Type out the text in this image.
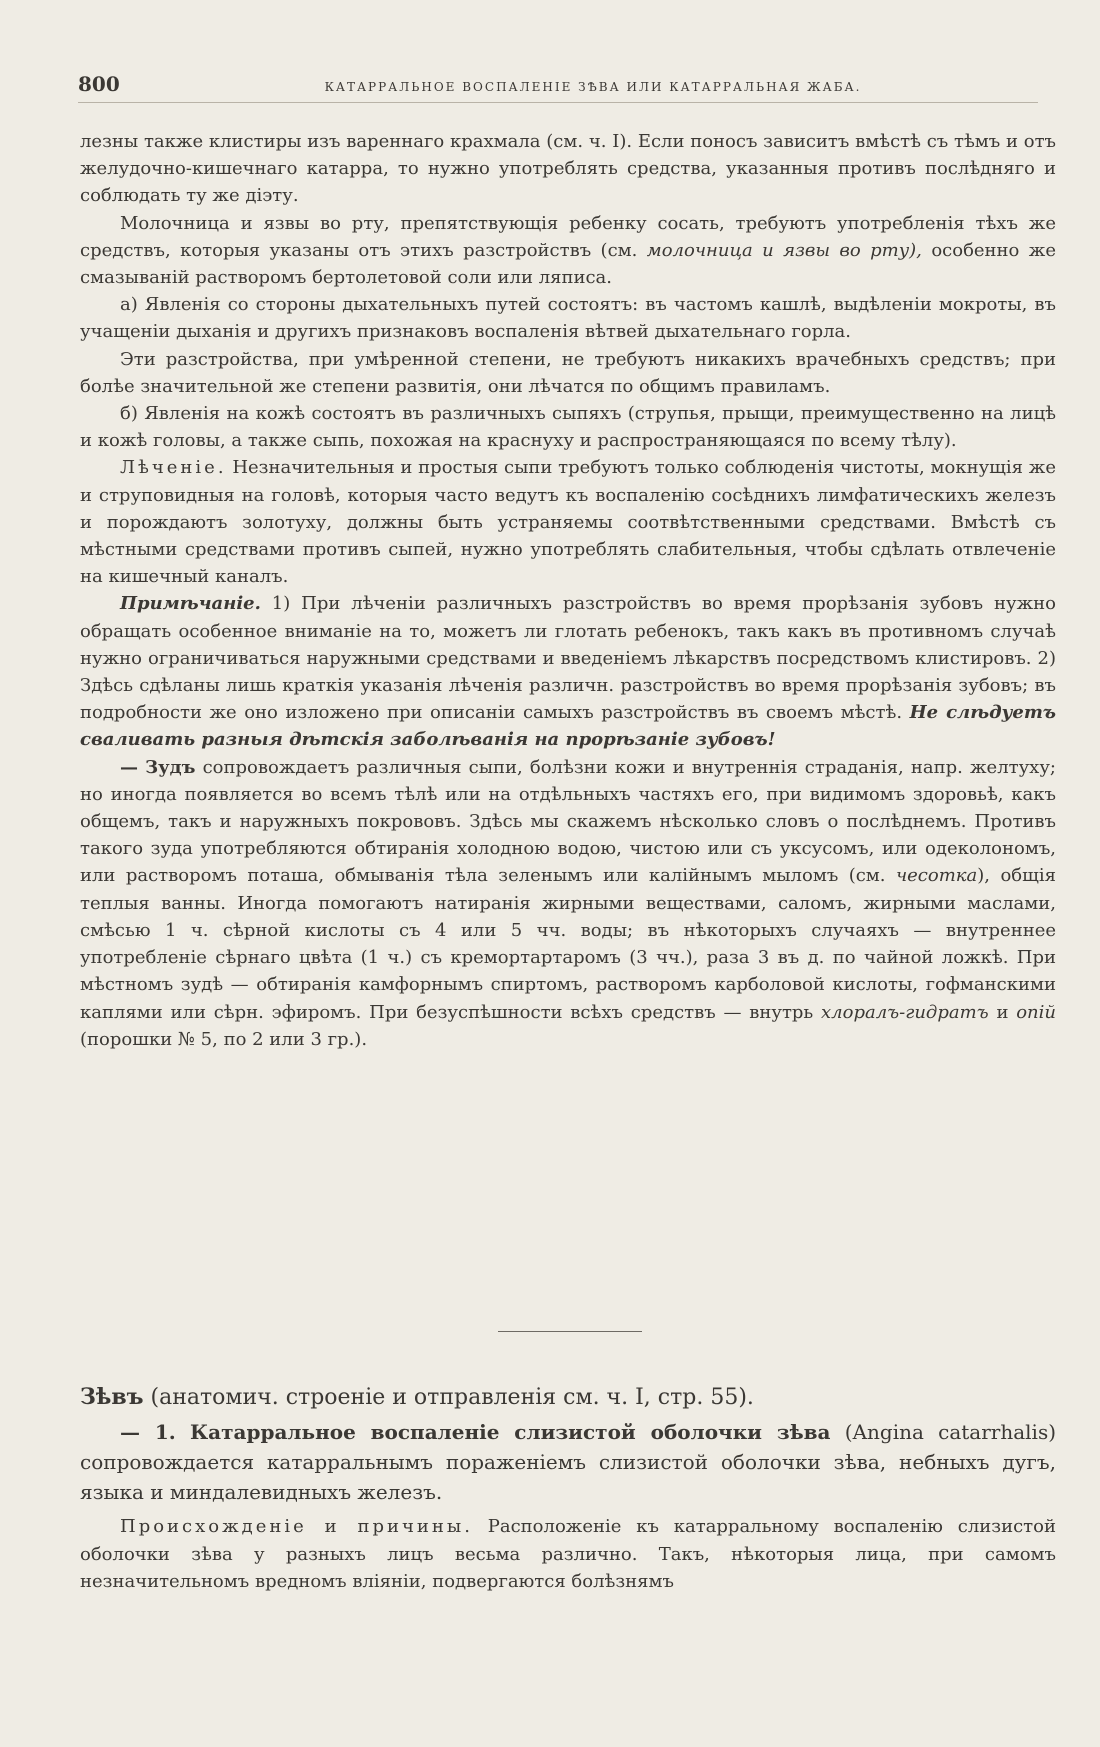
800	КАТАРРАЛЬНОЕ ВОСПАЛЕНІЕ ЗѢВА ИЛИ КАТАРРАЛЬНАЯ ЖАБА.

лезны также клистиры изъ вареннаго крахмала (см. ч. I). Если поносъ зависитъ вмѣстѣ съ тѣмъ и отъ желудочно-кишечнаго катарра, то нужно употреблять средства, указанныя противъ послѣдняго и соблюдать ту же діэту.

Молочница и язвы во рту, препятствующія ребенку сосать, требуютъ употребленія тѣхъ же средствъ, которыя указаны отъ этихъ разстройствъ (см. молочница и язвы во рту), особенно же смазываній растворомъ бертолетовой соли или ляписа.

а) Явленія со стороны дыхательныхъ путей состоятъ: въ частомъ кашлѣ, выдѣленіи мокроты, въ учащеніи дыханія и другихъ признаковъ воспаленія вѣтвей дыхательнаго горла.

Эти разстройства, при умѣренной степени, не требуютъ никакихъ врачебныхъ средствъ; при болѣе значительной же степени развитія, они лѣчатся по общимъ правиламъ.

б) Явленія на кожѣ состоятъ въ различныхъ сыпяхъ (струпья, прыщи, преимущественно на лицѣ и кожѣ головы, а также сыпь, похожая на краснуху и распространяющаяся по всему тѣлу).

Лѣченіе. Незначительныя и простыя сыпи требуютъ только соблюденія чистоты, мокнущія же и струповидныя на головѣ, которыя часто ведутъ къ воспаленію сосѣднихъ лимфатическихъ железъ и порождаютъ золотуху, должны быть устраняемы соотвѣтственными средствами. Вмѣстѣ съ мѣстными средствами противъ сыпей, нужно употреблять слабительныя, чтобы сдѣлать отвлеченіе на кишечный каналъ.

Примѣчаніе. 1) При лѣченіи различныхъ разстройствъ во время прорѣзанія зубовъ нужно обращать особенное вниманіе на то, можетъ ли глотать ребенокъ, такъ какъ въ противномъ случаѣ нужно ограничиваться наружными средствами и введеніемъ лѣкарствъ посредствомъ клистировъ. 2) Здѣсь сдѣланы лишь краткія указанія лѣченія различн. разстройствъ во время прорѣзанія зубовъ; въ подробности же оно изложено при описаніи самыхъ разстройствъ въ своемъ мѣстѣ. Не слѣдуетъ сваливать разныя дѣтскія заболѣванія на прорѣзаніе зубовъ!

— Зудъ сопровождаетъ различныя сыпи, болѣзни кожи и внутреннія страданія, напр. желтуху; но иногда появляется во всемъ тѣлѣ или на отдѣльныхъ частяхъ его, при видимомъ здоровьѣ, какъ общемъ, такъ и наружныхъ покрововъ. Здѣсь мы скажемъ нѣсколько словъ о послѣднемъ. Противъ такого зуда употребляются обтиранія холодною водою, чистою или съ уксусомъ, или одеколономъ, или растворомъ поташа, обмыванія тѣла зеленымъ или калійнымъ мыломъ (см. чесотка), общія теплыя ванны. Иногда помогаютъ натиранія жирными веществами, саломъ, жирными маслами, смѣсью 1 ч. сѣрной кислоты съ 4 или 5 чч. воды; въ нѣкоторыхъ случаяхъ — внутреннее употребленіе сѣрнаго цвѣта (1 ч.) съ кремортартаромъ (3 чч.), раза 3 въ д. по чайной ложкѣ. При мѣстномъ зудѣ — обтиранія камфорнымъ спиртомъ, растворомъ карболовой кислоты, гофманскими каплями или сѣрн. эфиромъ. При безуспѣшности всѣхъ средствъ — внутрь хлоралъ-гидратъ и опій (порошки № 5, по 2 или 3 гр.).

Зѣвъ (анатомич. строеніе и отправленія см. ч. I, стр. 55).

— 1. Катарральное воспаленіе слизистой оболочки зѣва (Angina catarrhalis) сопровождается катарральнымъ пораженіемъ слизистой оболочки зѣва, небныхъ дугъ, языка и миндалевидныхъ железъ.

Происхожденіе и причины. Расположеніе къ катарральному воспаленію слизистой оболочки зѣва у разныхъ лицъ весьма различно. Такъ, нѣкоторыя лица, при самомъ незначительномъ вредномъ вліяніи, подвергаются болѣзнямъ
